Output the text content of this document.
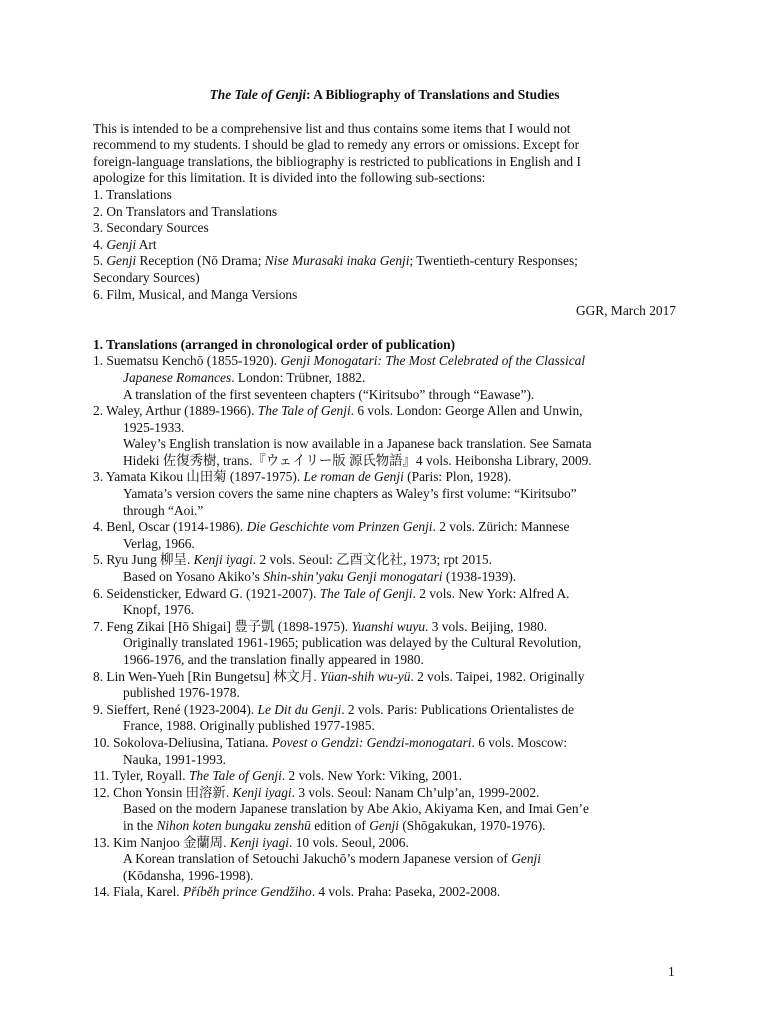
The Tale of Genji: A Bibliography of Translations and Studies
This is intended to be a comprehensive list and thus contains some items that I would not
recommend to my students. I should be glad to remedy any errors or omissions. Except for
foreign-language translations, the bibliography is restricted to publications in English and I
apologize for this limitation. It is divided into the following sub-sections:
1. Translations
2. On Translators and Translations
3. Secondary Sources
4. Genji Art
5. Genji Reception (Nō Drama; Nise Murasaki inaka Genji; Twentieth-century Responses;
Secondary Sources)
6. Film, Musical, and Manga Versions
GGR, March 2017
1. Translations (arranged in chronological order of publication)
1. Suematsu Kenchō (1855-1920). Genji Monogatari: The Most Celebrated of the Classical
Japanese Romances. London: Trübner, 1882.
A translation of the first seventeen chapters (“Kiritsubo” through “Eawase”).
2. Waley, Arthur (1889-1966). The Tale of Genji. 6 vols. London: George Allen and Unwin,
1925-1933.
Waley’s English translation is now available in a Japanese back translation. See Samata
Hideki 佐復秀樹, trans.『ウェイリー版 源氏物語』4 vols. Heibonsha Library, 2009.
3. Yamata Kikou 山田菊 (1897-1975). Le roman de Genji (Paris: Plon, 1928).
Yamata’s version covers the same nine chapters as Waley’s first volume: “Kiritsubo”
through “Aoi.”
4. Benl, Oscar (1914-1986). Die Geschichte vom Prinzen Genji. 2 vols. Zürich: Mannese
Verlag, 1966.
5. Ryu Jung 柳呈. Kenji iyagi. 2 vols. Seoul: 乙酉文化社, 1973; rpt 2015.
Based on Yosano Akiko’s Shin-shin’yaku Genji monogatari (1938-1939).
6. Seidensticker, Edward G. (1921-2007). The Tale of Genji. 2 vols. New York: Alfred A.
Knopf, 1976.
7. Feng Zikai [Hō Shigai] 豊子凱 (1898-1975). Yuanshi wuyu. 3 vols. Beijing, 1980.
Originally translated 1961-1965; publication was delayed by the Cultural Revolution,
1966-1976, and the translation finally appeared in 1980.
8. Lin Wen-Yueh [Rin Bungetsu] 林文月. Yüan-shih wu-yü. 2 vols. Taipei, 1982. Originally
published 1976-1978.
9. Sieffert, René (1923-2004). Le Dit du Genji. 2 vols. Paris: Publications Orientalistes de
France, 1988. Originally published 1977-1985.
10. Sokolova-Deliusina, Tatiana. Povest o Gendzi: Gendzi-monogatari. 6 vols. Moscow:
Nauka, 1991-1993.
11. Tyler, Royall. The Tale of Genji. 2 vols. New York: Viking, 2001.
12. Chon Yonsin 田溶新. Kenji iyagi. 3 vols. Seoul: Nanam Ch’ulp’an, 1999-2002.
Based on the modern Japanese translation by Abe Akio, Akiyama Ken, and Imai Gen’e
in the Nihon koten bungaku zenshū edition of Genji (Shōgakukan, 1970-1976).
13. Kim Nanjoo 金蘭周. Kenji iyagi. 10 vols. Seoul, 2006.
A Korean translation of Setouchi Jakuchō’s modern Japanese version of Genji
(Kōdansha, 1996-1998).
14. Fiala, Karel. Příběh prince Gendžiho. 4 vols. Praha: Paseka, 2002-2008.
1
